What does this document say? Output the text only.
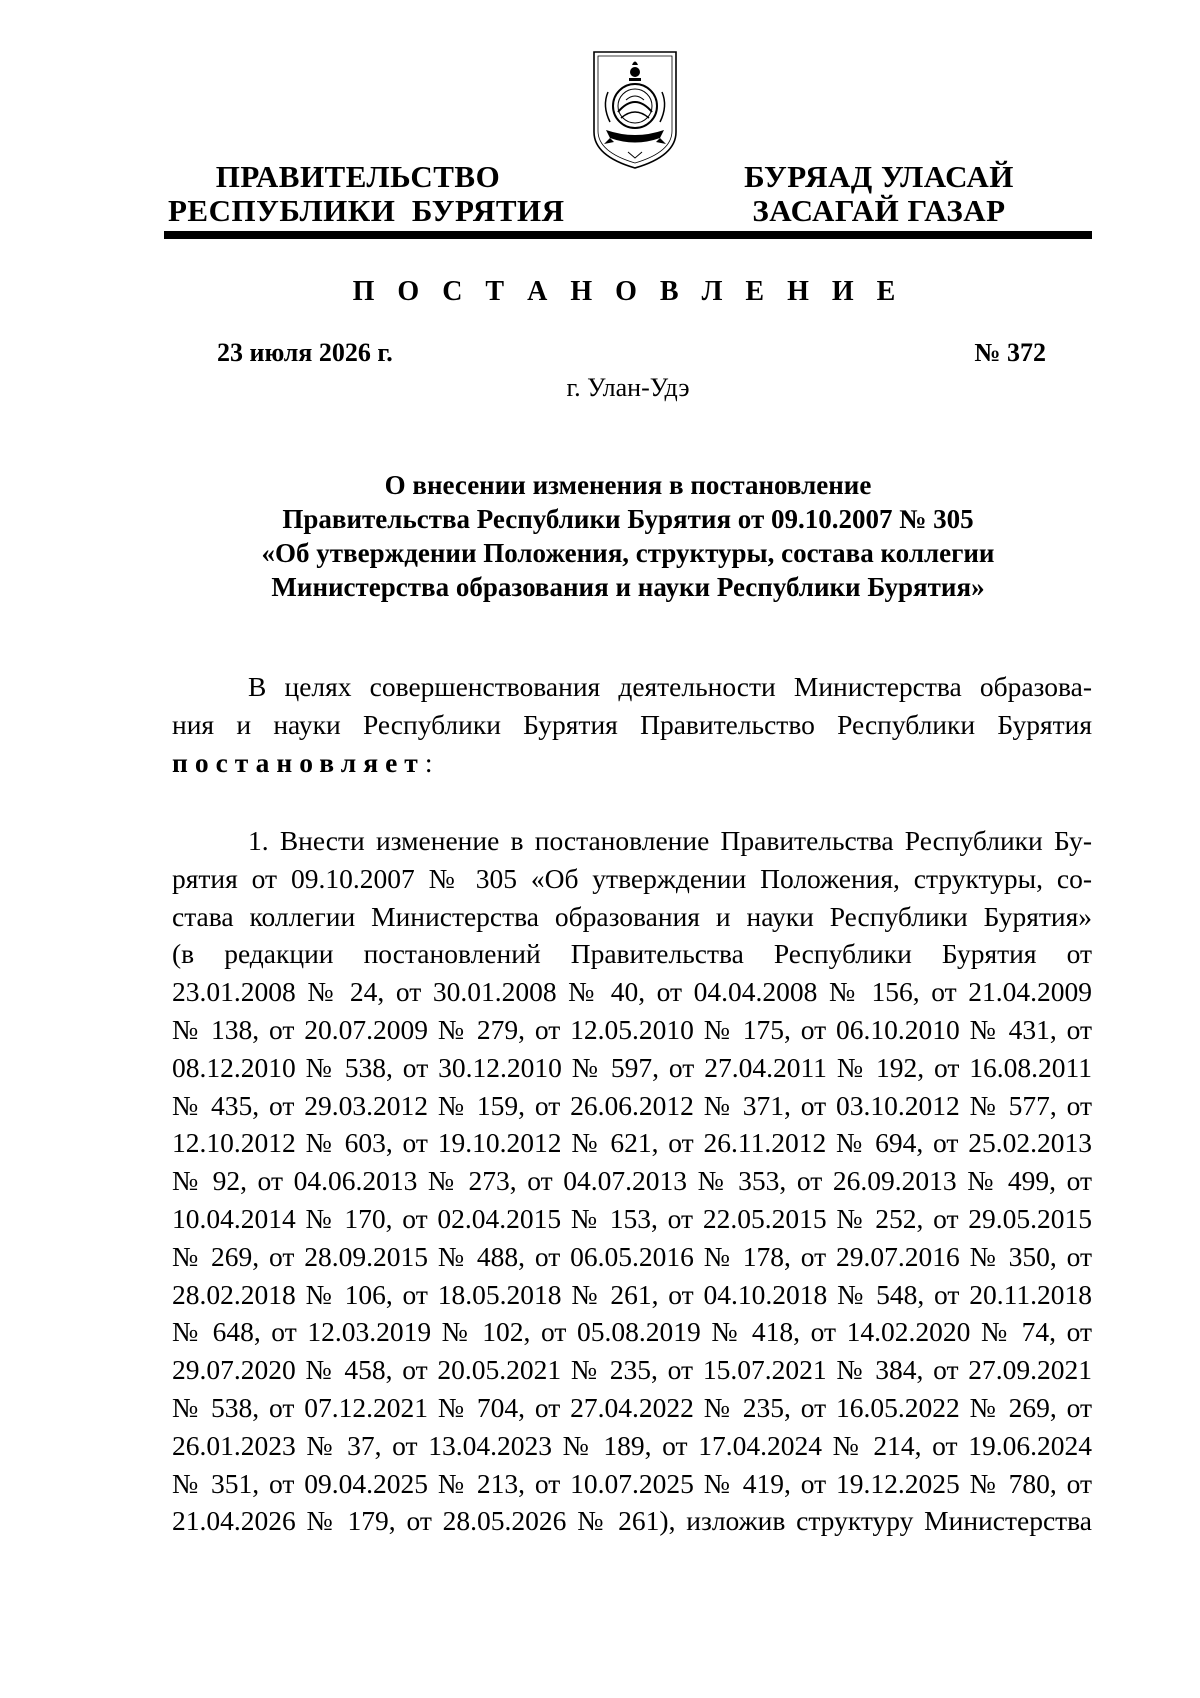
ПРАВИТЕЛЬСТВО
РЕСПУБЛИКИ  БУРЯТИЯ
БУРЯАД УЛАСАЙ
ЗАСАГАЙ ГАЗАР
П О С Т А Н О В Л Е Н И Е
23 июля 2026 г.	№ 372
г. Улан-Удэ
О внесении изменения в постановление
Правительства Республики Бурятия от 09.10.2007 № 305
«Об утверждении Положения, структуры, состава коллегии
Министерства образования и науки Республики Бурятия»
В целях совершенствования деятельности Министерства образова-
ния и науки Республики Бурятия Правительство Республики Бурятия
постановляет:
1. Внести изменение в постановление Правительства Республики Бу-
рятия от 09.10.2007 № 305 «Об утверждении Положения, структуры, со-
става коллегии Министерства образования и науки Республики Бурятия»
(в редакции постановлений Правительства Республики Бурятия от
23.01.2008 № 24, от 30.01.2008 № 40, от 04.04.2008 № 156, от 21.04.2009
№ 138, от 20.07.2009 № 279, от 12.05.2010 № 175, от 06.10.2010 № 431, от
08.12.2010 № 538, от 30.12.2010 № 597, от 27.04.2011 № 192, от 16.08.2011
№ 435, от 29.03.2012 № 159, от 26.06.2012 № 371, от 03.10.2012 № 577, от
12.10.2012 № 603, от 19.10.2012 № 621, от 26.11.2012 № 694, от 25.02.2013
№ 92, от 04.06.2013 № 273, от 04.07.2013 № 353, от 26.09.2013 № 499, от
10.04.2014 № 170, от 02.04.2015 № 153, от 22.05.2015 № 252, от 29.05.2015
№ 269, от 28.09.2015 № 488, от 06.05.2016 № 178, от 29.07.2016 № 350, от
28.02.2018 № 106, от 18.05.2018 № 261, от 04.10.2018 № 548, от 20.11.2018
№ 648, от 12.03.2019 № 102, от 05.08.2019 № 418, от 14.02.2020 № 74, от
29.07.2020 № 458, от 20.05.2021 № 235, от 15.07.2021 № 384, от 27.09.2021
№ 538, от 07.12.2021 № 704, от 27.04.2022 № 235, от 16.05.2022 № 269, от
26.01.2023 № 37, от 13.04.2023 № 189, от 17.04.2024 № 214, от 19.06.2024
№ 351, от 09.04.2025 № 213, от 10.07.2025 № 419, от 19.12.2025 № 780, от
21.04.2026 № 179, от 28.05.2026 № 261), изложив структуру Министерства
